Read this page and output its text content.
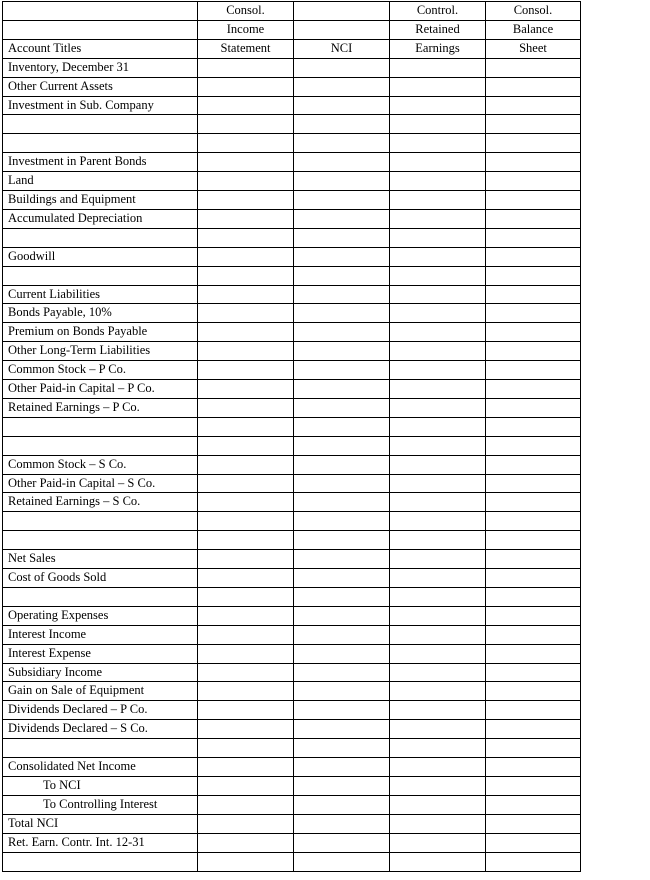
	Consol.		Control.	Consol.
	Income		Retained	Balance
Account Titles	Statement	NCI	Earnings	Sheet
Inventory, December 31				
Other Current Assets				
Investment in Sub. Company				

Investment in Parent Bonds				
Land				
Buildings and Equipment				
Accumulated Depreciation				

Goodwill				

Current Liabilities				
Bonds Payable, 10%				
Premium on Bonds Payable				
Other Long-Term Liabilities				
Common Stock – P Co.				
Other Paid-in Capital – P Co.				
Retained Earnings – P Co.				

Common Stock – S Co.				
Other Paid-in Capital – S Co.				
Retained Earnings – S Co.				

Net Sales				
Cost of Goods Sold				

Operating Expenses				
Interest Income				
Interest Expense				
Subsidiary Income				
Gain on Sale of Equipment				
Dividends Declared – P Co.				
Dividends Declared – S Co.				

Consolidated Net Income				
To NCI				
To Controlling Interest				
Total NCI				
Ret. Earn. Contr. Int. 12-31				
